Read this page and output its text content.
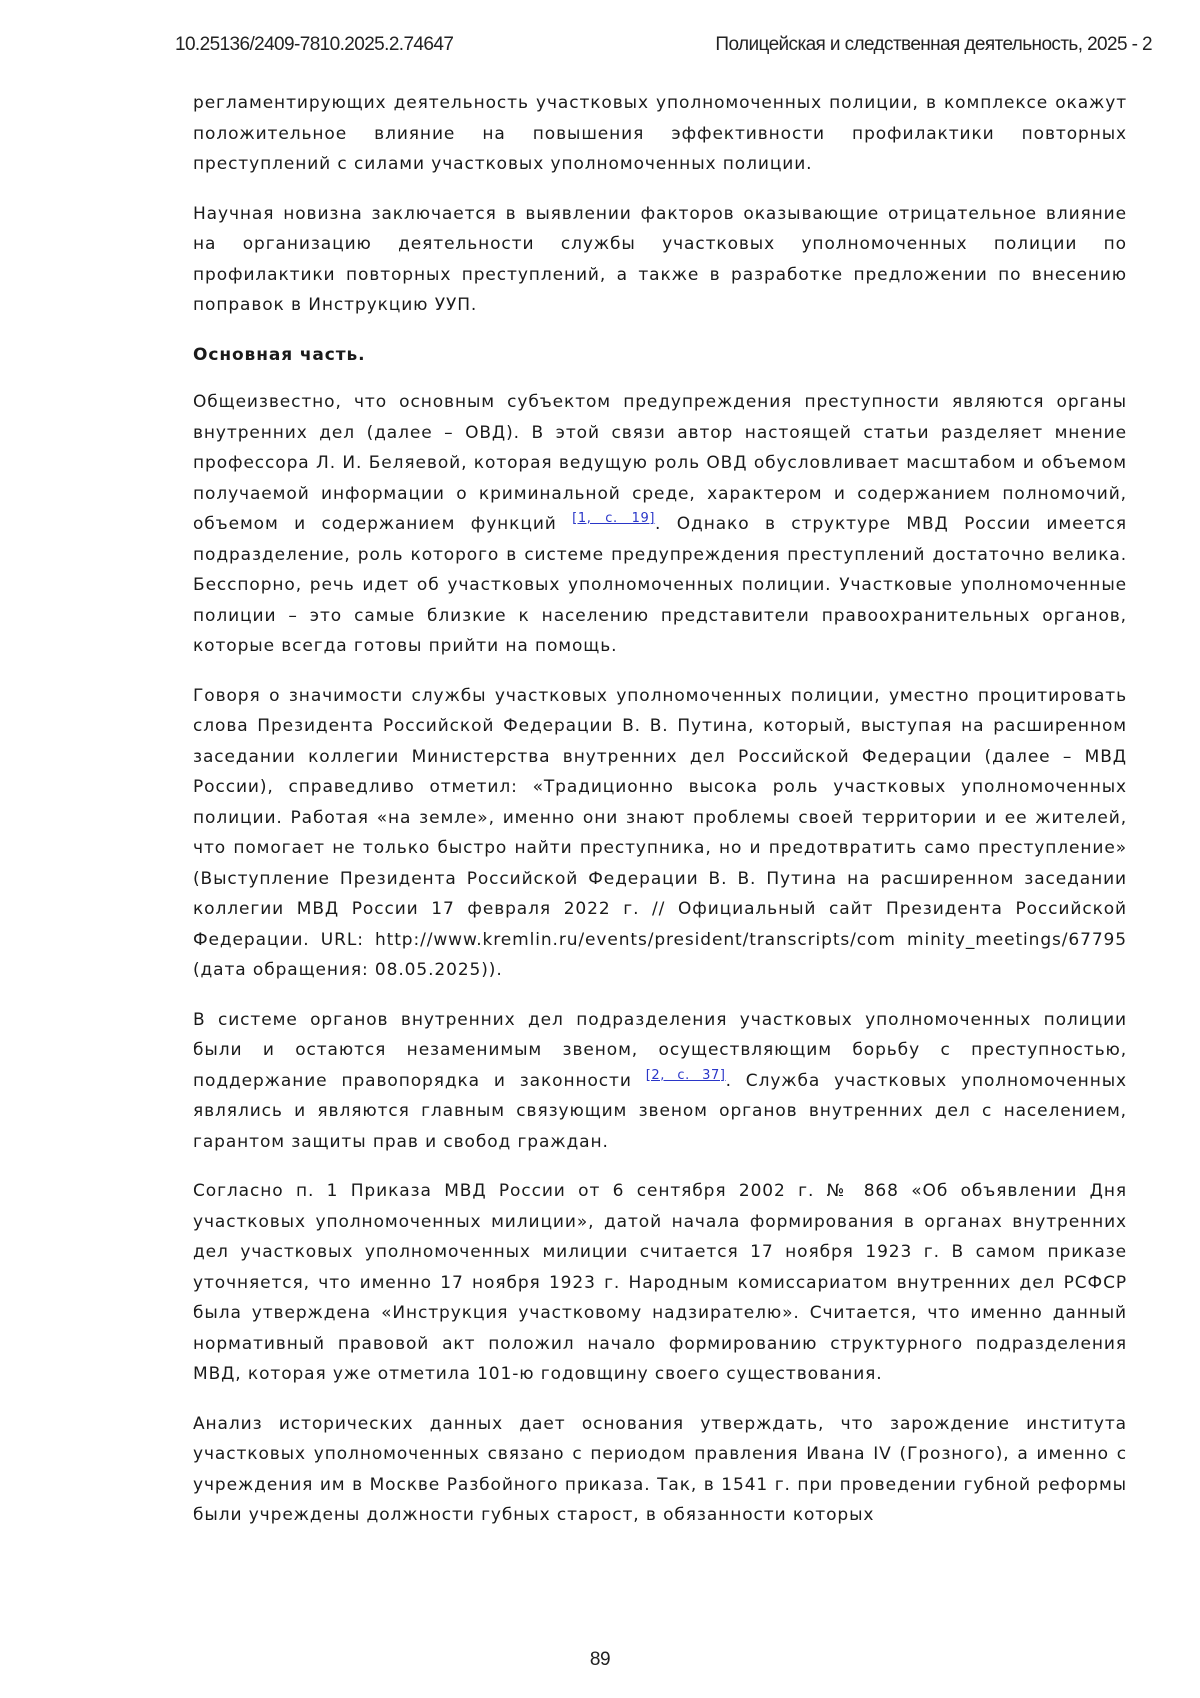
10.25136/2409-7810.2025.2.74647	Полицейская и следственная деятельность, 2025 - 2

регламентирующих деятельность участковых уполномоченных полиции, в комплексе окажут положительное влияние на повышения эффективности профилактики повторных преступлений с силами участковых уполномоченных полиции.

Научная новизна заключается в выявлении факторов оказывающие отрицательное влияние на организацию деятельности службы участковых уполномоченных полиции по профилактики повторных преступлений, а также в разработке предложении по внесению поправок в Инструкцию УУП.

Основная часть.

Общеизвестно, что основным субъектом предупреждения преступности являются органы внутренних дел (далее – ОВД). В этой связи автор настоящей статьи разделяет мнение профессора Л. И. Беляевой, которая ведущую роль ОВД обусловливает масштабом и объемом получаемой информации о криминальной среде, характером и содержанием полномочий, объемом и содержанием функций [1, с. 19]. Однако в структуре МВД России имеется подразделение, роль которого в системе предупреждения преступлений достаточно велика. Бесспорно, речь идет об участковых уполномоченных полиции. Участковые уполномоченные полиции – это самые близкие к населению представители правоохранительных органов, которые всегда готовы прийти на помощь.

Говоря о значимости службы участковых уполномоченных полиции, уместно процитировать слова Президента Российской Федерации В. В. Путина, который, выступая на расширенном заседании коллегии Министерства внутренних дел Российской Федерации (далее – МВД России), справедливо отметил: «Традиционно высока роль участковых уполномоченных полиции. Работая «на земле», именно они знают проблемы своей территории и ее жителей, что помогает не только быстро найти преступника, но и предотвратить само преступление» (Выступление Президента Российской Федерации В. В. Путина на расширенном заседании коллегии МВД России 17 февраля 2022 г. // Официальный сайт Президента Российской Федерации. URL: http://www.kremlin.ru/events/president/transcripts/com minity_meetings/67795 (дата обращения: 08.05.2025)).

В системе органов внутренних дел подразделения участковых уполномоченных полиции были и остаются незаменимым звеном, осуществляющим борьбу с преступностью, поддержание правопорядка и законности [2, с. 37]. Служба участковых уполномоченных являлись и являются главным связующим звеном органов внутренних дел с населением, гарантом защиты прав и свобод граждан.

Согласно п. 1 Приказа МВД России от 6 сентября 2002 г. № 868 «Об объявлении Дня участковых уполномоченных милиции», датой начала формирования в органах внутренних дел участковых уполномоченных милиции считается 17 ноября 1923 г. В самом приказе уточняется, что именно 17 ноября 1923 г. Народным комиссариатом внутренних дел РСФСР была утверждена «Инструкция участковому надзирателю». Считается, что именно данный нормативный правовой акт положил начало формированию структурного подразделения МВД, которая уже отметила 101-ю годовщину своего существования.

Анализ исторических данных дает основания утверждать, что зарождение института участковых уполномоченных связано с периодом правления Ивана IV (Грозного), а именно с учреждения им в Москве Разбойного приказа. Так, в 1541 г. при проведении губной реформы были учреждены должности губных старост, в обязанности которых

89
